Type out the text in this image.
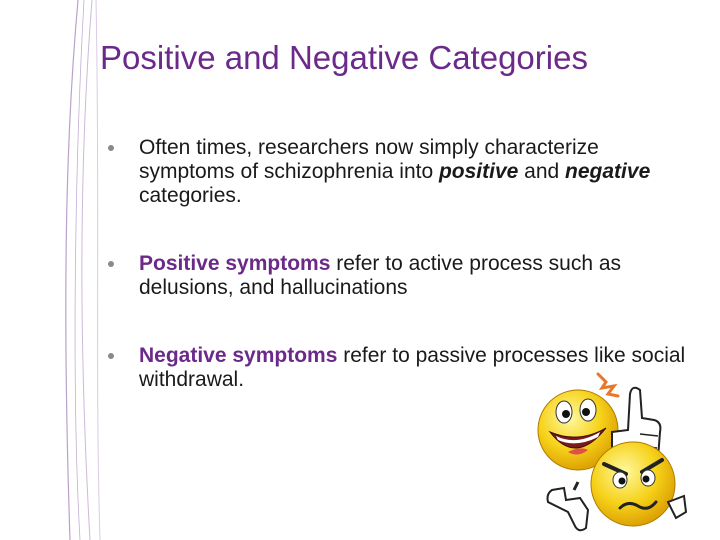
Positive and Negative Categories
Often times, researchers now simply characterize symptoms of schizophrenia into positive and negative categories.
Positive symptoms refer to active process such as delusions, and hallucinations
Negative symptoms refer to passive processes like social withdrawal.
